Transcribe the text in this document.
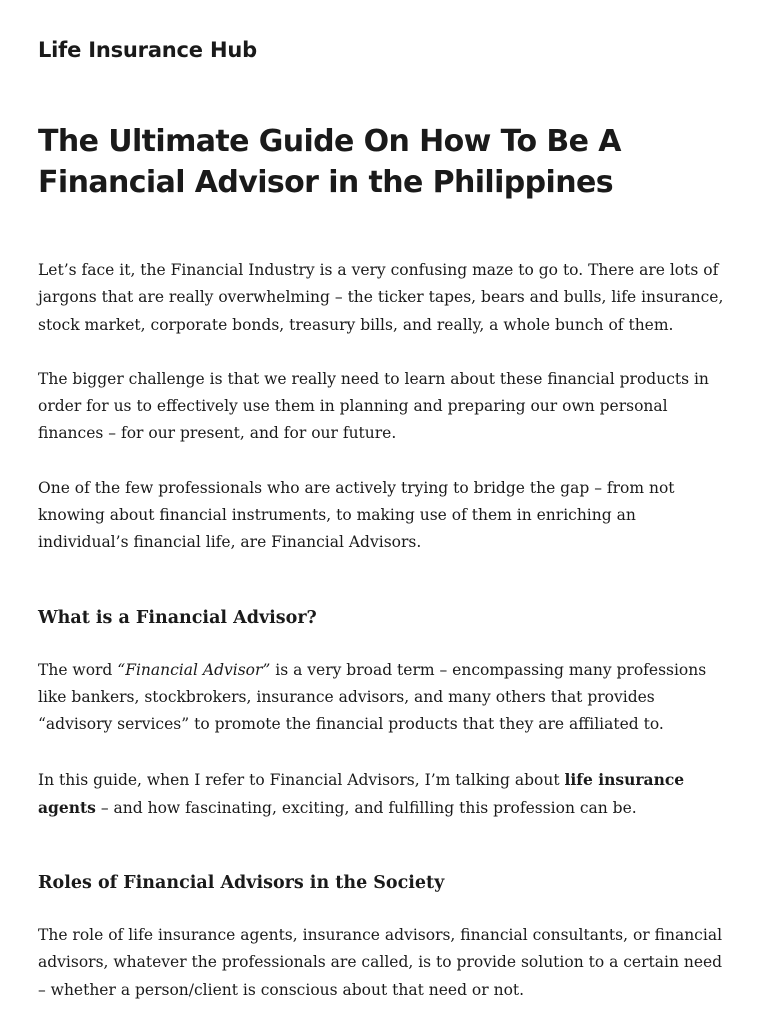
Life Insurance Hub
The Ultimate Guide On How To Be A Financial Advisor in the Philippines

Let’s face it, the Financial Industry is a very confusing maze to go to. There are lots of jargons that are really overwhelming – the ticker tapes, bears and bulls, life insurance, stock market, corporate bonds, treasury bills, and really, a whole bunch of them.

The bigger challenge is that we really need to learn about these financial products in order for us to effectively use them in planning and preparing our own personal finances – for our present, and for our future.

One of the few professionals who are actively trying to bridge the gap – from not knowing about financial instruments, to making use of them in enriching an individual’s financial life, are Financial Advisors.

What is a Financial Advisor?

The word “Financial Advisor” is a very broad term – encompassing many professions like bankers, stockbrokers, insurance advisors, and many others that provides “advisory services” to promote the financial products that they are affiliated to.

In this guide, when I refer to Financial Advisors, I’m talking about life insurance agents – and how fascinating, exciting, and fulfilling this profession can be.

Roles of Financial Advisors in the Society

The role of life insurance agents, insurance advisors, financial consultants, or financial advisors, whatever the professionals are called, is to provide solution to a certain need – whether a person/client is conscious about that need or not.
